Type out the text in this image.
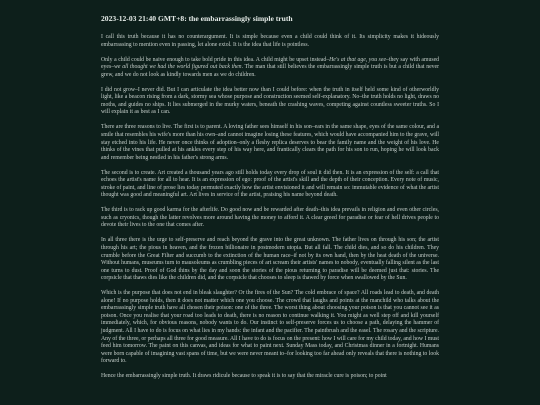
2023-12-03 21:40 GMT+8: the embarrassingly simple truth

I call this truth because it has no counterargument. It is simple because even a child could think of it. Its simplicity makes it hideously embarrassing to mention even in passing, let alone extol. It is the idea that life is pointless.

Only a child could be naive enough to take bold pride in this idea. A child might be upset instead–He's at that age, you see–they say with amused eyes–we all thought we had the world figured out back then. The man that still believes the embarrassingly simple truth is but a child that never grew, and we do not look as kindly towards men as we do children.

I did not grow–I never did. But I can articulate the idea better now than I could before: when the truth in itself held some kind of otherworldly light, like a beacon rising from a dark, stormy sea whose purpose and construction seemed self-explanatory. No–the truth holds no light, draws no moths, and guides no ships. It lies submerged in the murky waters, beneath the crashing waves, competing against countless sweeter truths. So I will explain it as best as I can.

There are three reasons to live. The first is to parent. A loving father sees himself in his son–ears in the same shape, eyes of the same colour, and a smile that resembles his wife's more than his own–and cannot imagine losing these features, which would have accompanied him to the grave, will stay etched into his life. He never once thinks of adoption–only a fleshy replica deserves to bear the family name and the weight of his love. He thinks of the vines that pulled at his ankles every step of his way here, and frantically clears the path for his son to run, hoping he will look back and remember being nestled in his father's strong arms.

The second is to create. Art created a thousand years ago still holds today every drop of soul it did then. It is an expression of the self: a call that echoes the artist's name for all to hear. It is an expression of ego: proof of the artist's skill and the depth of their conception. Every note of music, stroke of paint, and line of prose lies today permuted exactly how the artist envisioned it and will remain so: immutable evidence of what the artist thought was good and meaningful art. Art lives in service of the artist, praising his name beyond death.

The third is to rack up good karma for the afterlife. Do good now and be rewarded after death–this idea prevails in religion and even other circles, such as cryonics, though the latter revolves more around having the money to afford it. A clear greed for paradise or fear of hell drives people to devote their lives to the one that comes after.

In all three there is the urge to self-preserve and reach beyond the grave into the great unknown. The father lives on through his son; the artist through his art; the pious in heaven, and the frozen billionaire in postmodern utopia. But all fall. The child dies, and so do his children. They crumble before the Great Filter and succumb to the extinction of the human race–if not by its own hand, then by the heat death of the universe. Without humans, museums turn to mausoleums as crumbling pieces of art scream their artists' names to nobody, eventually falling silent as the last one turns to dust. Proof of God thins by the day and soon the stories of the pious returning to paradise will be deemed just that: stories. The corpsicle that thaws dies like the children did, and the corpsicle that chooses to sleep is thawed by force when swallowed by the Sun.

Which is the purpose that does not end in bleak slaughter? Or the fires of the Sun? The cold embrace of space? All roads lead to death, and death alone! If no purpose holds, then it does not matter which one you choose. The crowd that laughs and points at the manchild who talks about the embarrassingly simple truth have all chosen their poison: one of the three. The worst thing about choosing your poison is that you cannot see it as poison. Once you realise that your road too leads to death, there is no reason to continue walking it. You might as well step off and kill yourself immediately, which, for obvious reasons, nobody wants to do. Our instinct to self-preserve forces us to choose a path, delaying the hammer of judgment. All I have to do is focus on what lies in my hands: the infant and the pacifier. The paintbrush and the easel. The rosary and the scripture. Any of the three, or perhaps all three for good measure. All I have to do is focus on the present: how I will care for my child today, and how I must feed him tomorrow. The paint on this canvas, and ideas for what to paint next. Sunday Mass today, and Christmas dinner in a fortnight. Humans were born capable of imagining vast spans of time, but we were never meant to–for looking too far ahead only reveals that there is nothing to look forward to.

Hence the embarrassingly simple truth. It draws ridicule because to speak it is to say that the miracle cure is poison; to point
